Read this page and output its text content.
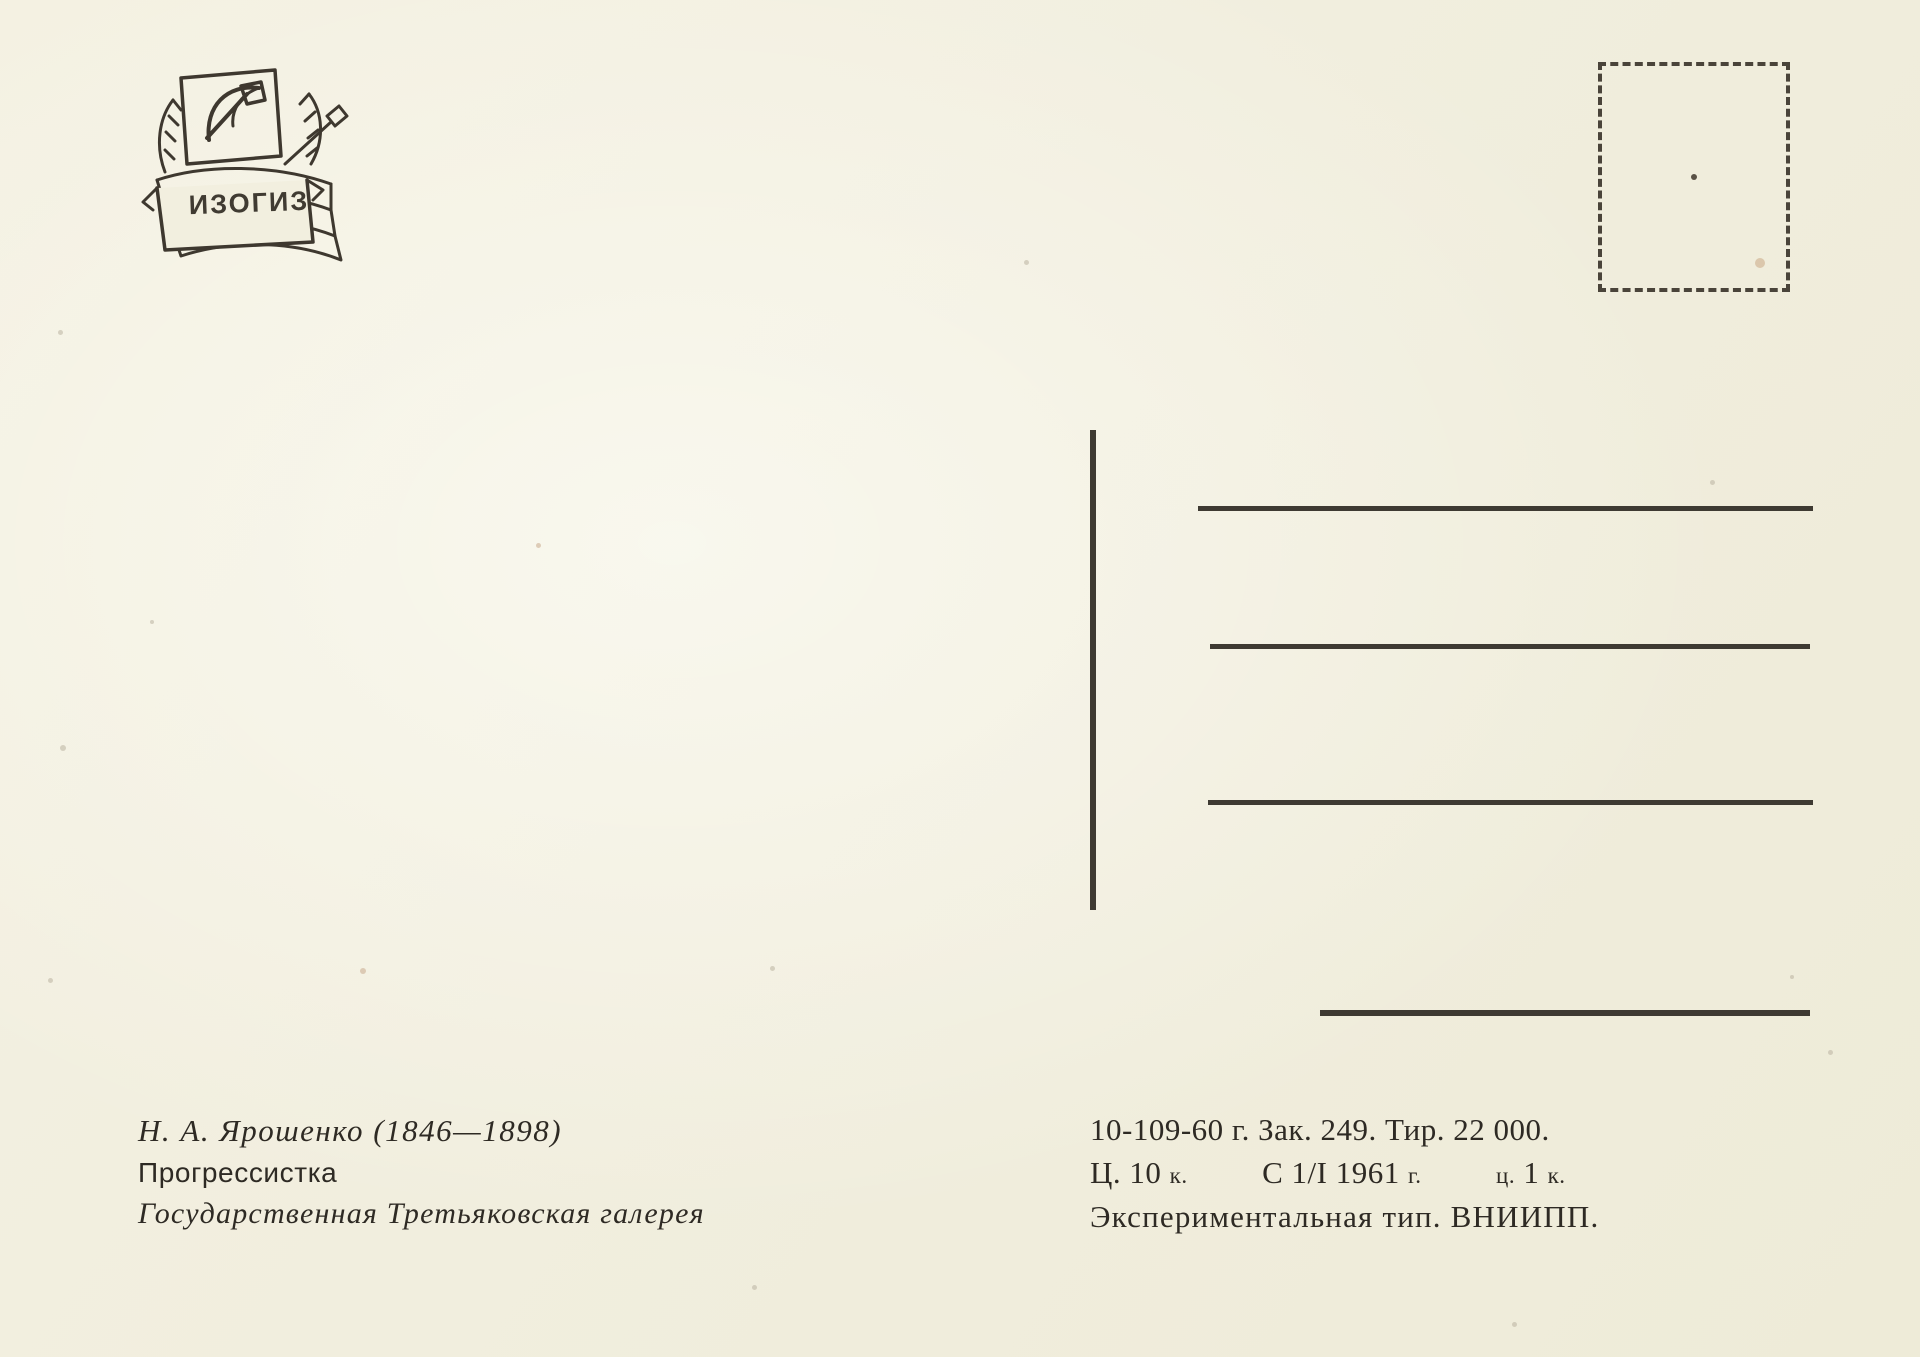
ИЗОГИЗ
Н. А. Ярошенко (1846—1898)
Прогрессистка
Государственная Третьяковская галерея
10-109-60 г. Зак. 249. Тир. 22 000.
Ц. 10 к. С 1/I 1961 г.	ц. 1 к.
Экспериментальная тип. ВНИИПП.
